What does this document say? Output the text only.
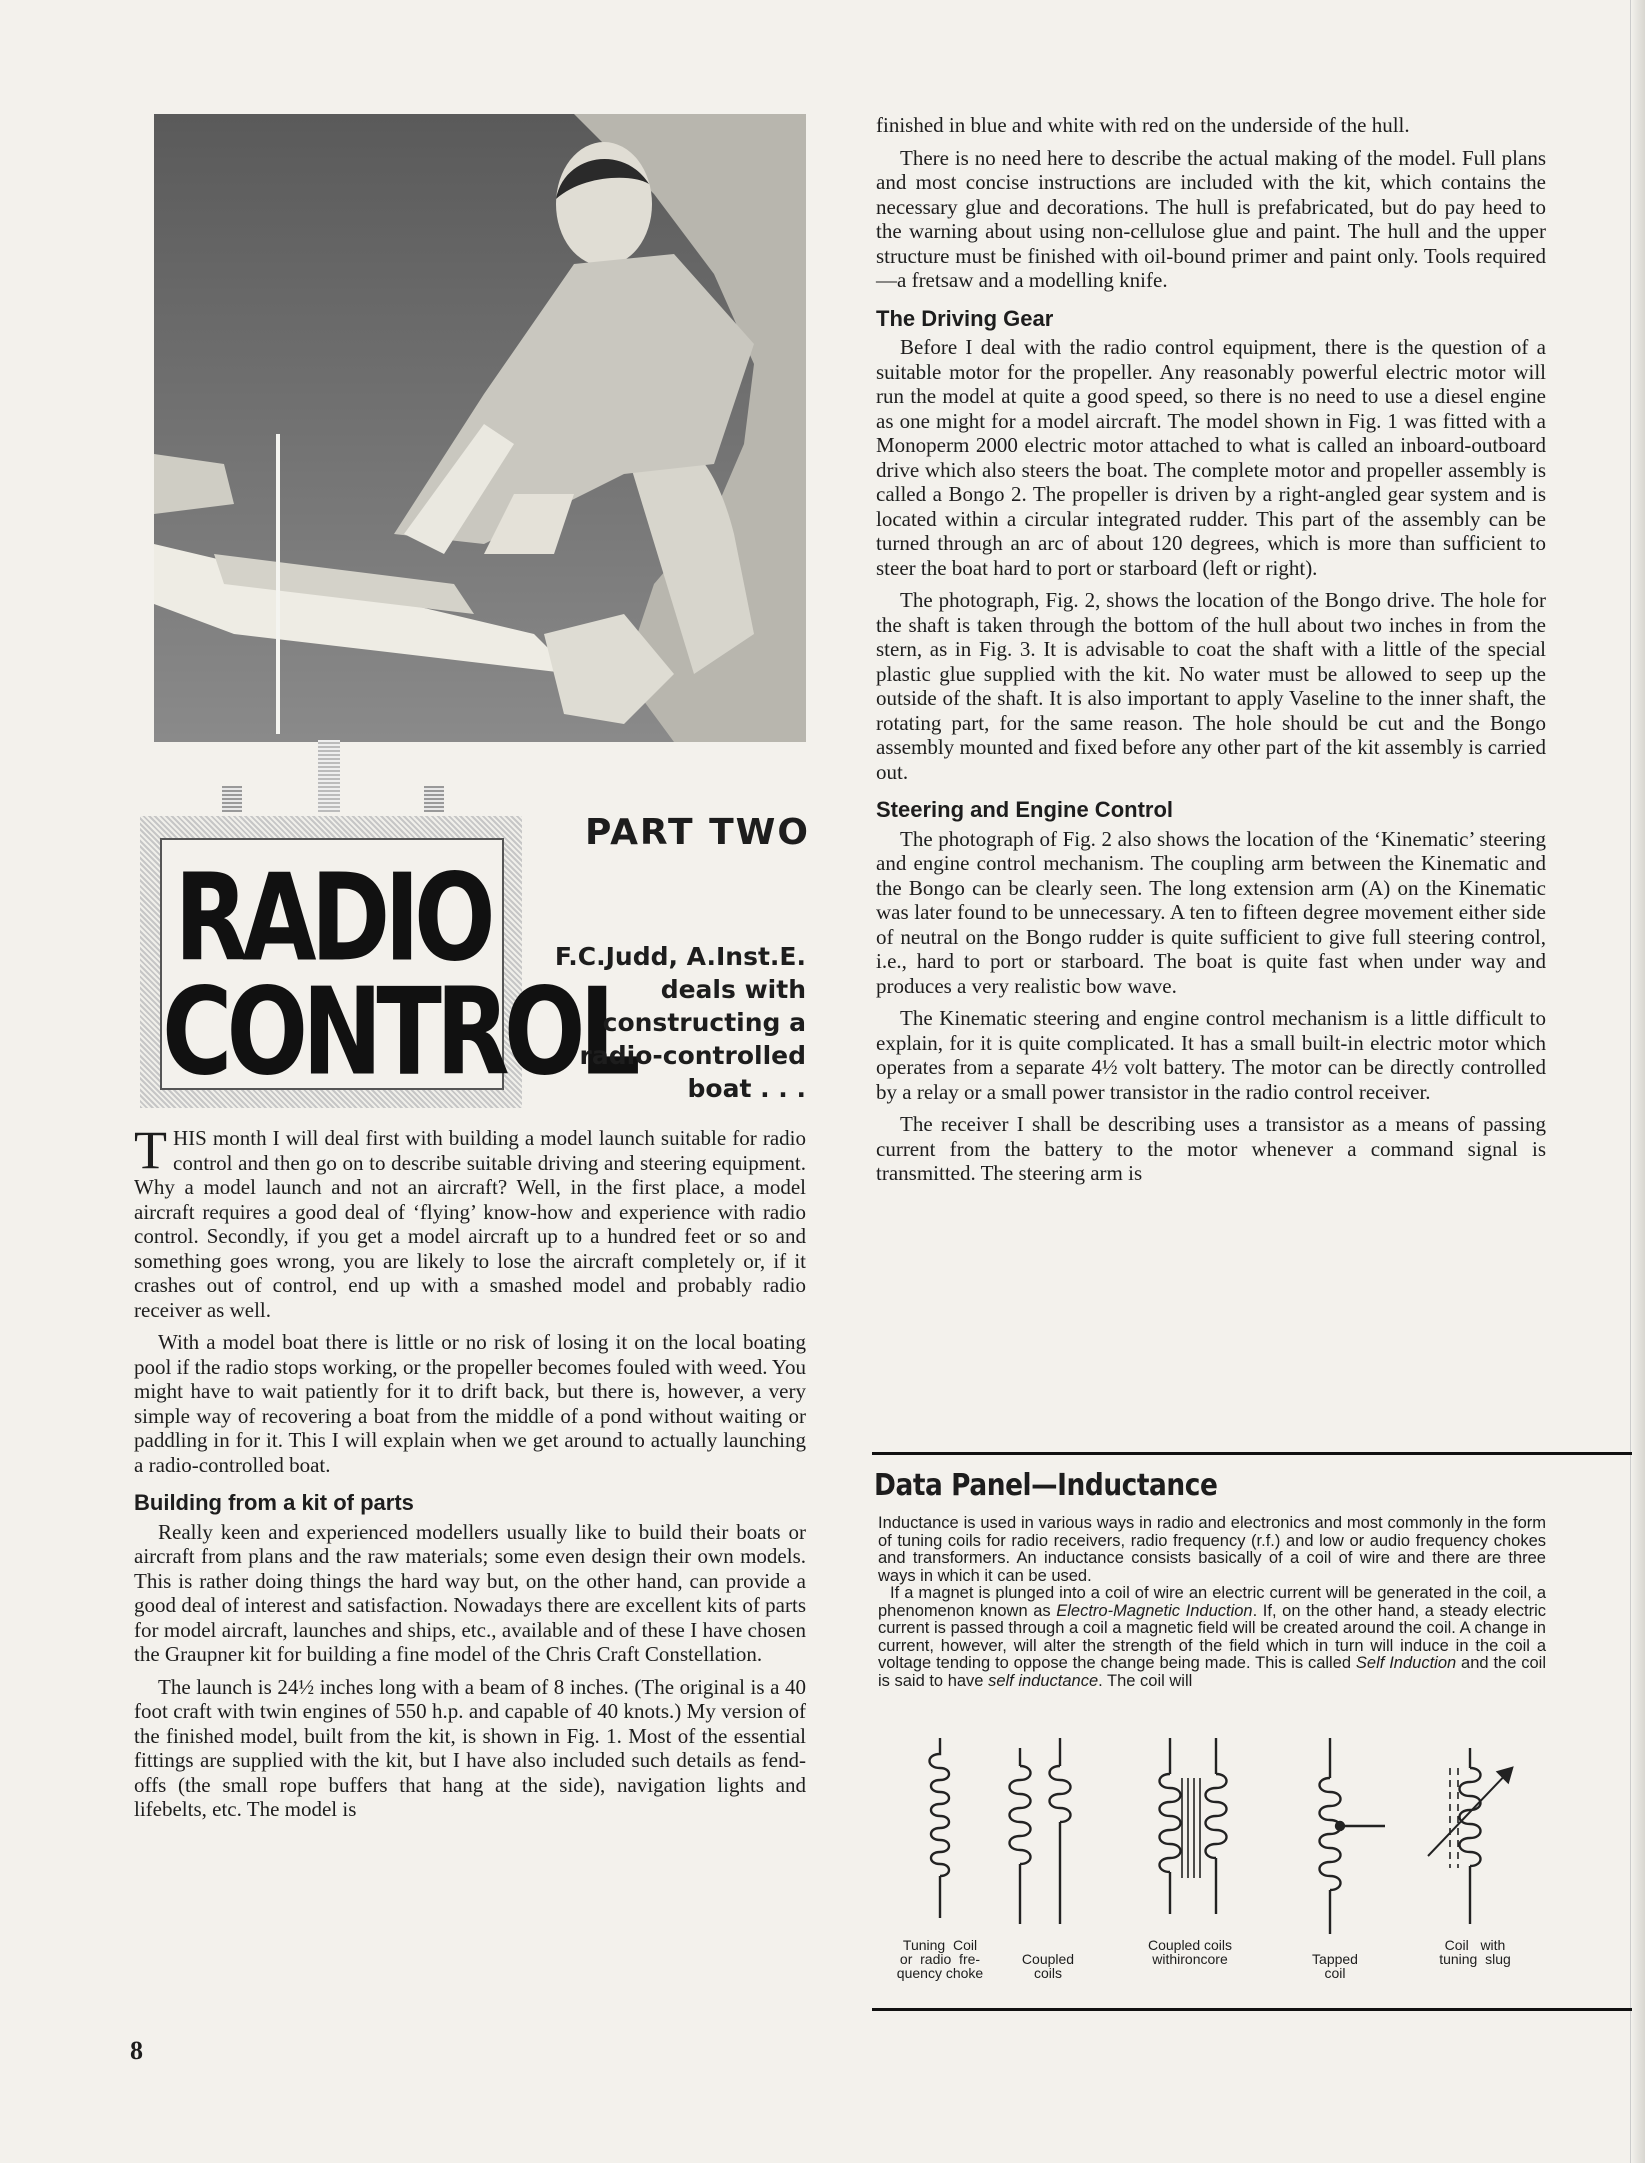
RADIO
CONTROL
PART TWO
F.C.Judd, A.Inst.E.
deals with
constructing a
radio-controlled
boat . . .

THIS month I will deal first with building a model launch suitable for radio control and then go on to describe suitable driving and steering equipment. Why a model launch and not an aircraft? Well, in the first place, a model aircraft requires a good deal of ‘flying’ know-how and experience with radio control. Secondly, if you get a model aircraft up to a hundred feet or so and something goes wrong, you are likely to lose the aircraft completely or, if it crashes out of control, end up with a smashed model and probably radio receiver as well.

With a model boat there is little or no risk of losing it on the local boating pool if the radio stops working, or the propeller becomes fouled with weed. You might have to wait patiently for it to drift back, but there is, however, a very simple way of recovering a boat from the middle of a pond without waiting or paddling in for it. This I will explain when we get around to actually launching a radio-controlled boat.

Building from a kit of parts

Really keen and experienced modellers usually like to build their boats or aircraft from plans and the raw materials; some even design their own models. This is rather doing things the hard way but, on the other hand, can provide a good deal of interest and satisfaction. Nowadays there are excellent kits of parts for model aircraft, launches and ships, etc., available and of these I have chosen the Graupner kit for building a fine model of the Chris Craft Constellation.

The launch is 24½ inches long with a beam of 8 inches. (The original is a 40 foot craft with twin engines of 550 h.p. and capable of 40 knots.) My version of the finished model, built from the kit, is shown in Fig. 1. Most of the essential fittings are supplied with the kit, but I have also included such details as fend-offs (the small rope buffers that hang at the side), navigation lights and lifebelts, etc. The model is

finished in blue and white with red on the underside of the hull.

There is no need here to describe the actual making of the model. Full plans and most concise instructions are included with the kit, which contains the necessary glue and decorations. The hull is prefabricated, but do pay heed to the warning about using non-cellulose glue and paint. The hull and the upper structure must be finished with oil-bound primer and paint only. Tools required—a fretsaw and a modelling knife.

The Driving Gear

Before I deal with the radio control equipment, there is the question of a suitable motor for the propeller. Any reasonably powerful electric motor will run the model at quite a good speed, so there is no need to use a diesel engine as one might for a model aircraft. The model shown in Fig. 1 was fitted with a Monoperm 2000 electric motor attached to what is called an inboard-outboard drive which also steers the boat. The complete motor and propeller assembly is called a Bongo 2. The propeller is driven by a right-angled gear system and is located within a circular integrated rudder. This part of the assembly can be turned through an arc of about 120 degrees, which is more than sufficient to steer the boat hard to port or starboard (left or right).

The photograph, Fig. 2, shows the location of the Bongo drive. The hole for the shaft is taken through the bottom of the hull about two inches in from the stern, as in Fig. 3. It is advisable to coat the shaft with a little of the special plastic glue supplied with the kit. No water must be allowed to seep up the outside of the shaft. It is also important to apply Vaseline to the inner shaft, the rotating part, for the same reason. The hole should be cut and the Bongo assembly mounted and fixed before any other part of the kit assembly is carried out.

Steering and Engine Control

The photograph of Fig. 2 also shows the location of the ‘Kinematic’ steering and engine control mechanism. The coupling arm between the Kinematic and the Bongo can be clearly seen. The long extension arm (A) on the Kinematic was later found to be unnecessary. A ten to fifteen degree movement either side of neutral on the Bongo rudder is quite sufficient to give full steering control, i.e., hard to port or starboard. The boat is quite fast when under way and produces a very realistic bow wave.

The Kinematic steering and engine control mechanism is a little difficult to explain, for it is quite complicated. It has a small built-in electric motor which operates from a separate 4½ volt battery. The motor can be directly controlled by a relay or a small power transistor in the radio control receiver.

The receiver I shall be describing uses a transistor as a means of passing current from the battery to the motor whenever a command signal is transmitted. The steering arm is

Data Panel—Inductance

Inductance is used in various ways in radio and electronics and most commonly in the form of tuning coils for radio receivers, radio frequency (r.f.) and low or audio frequency chokes and transformers. An inductance consists basically of a coil of wire and there are three ways in which it can be used.

If a magnet is plunged into a coil of wire an electric current will be generated in the coil, a phenomenon known as Electro-Magnetic Induction. If, on the other hand, a steady electric current is passed through a coil a magnetic field will be created around the coil. A change in current, however, will alter the strength of the field which in turn will induce in the coil a voltage tending to oppose the change being made. This is called Self Induction and the coil is said to have self inductance. The coil will

Tuning  Coil
or  radio  fre-
quency choke
Coupled
coils
Coupled coils
withironcore	Tapped
coil
Coil   with
tuning  slug
8
